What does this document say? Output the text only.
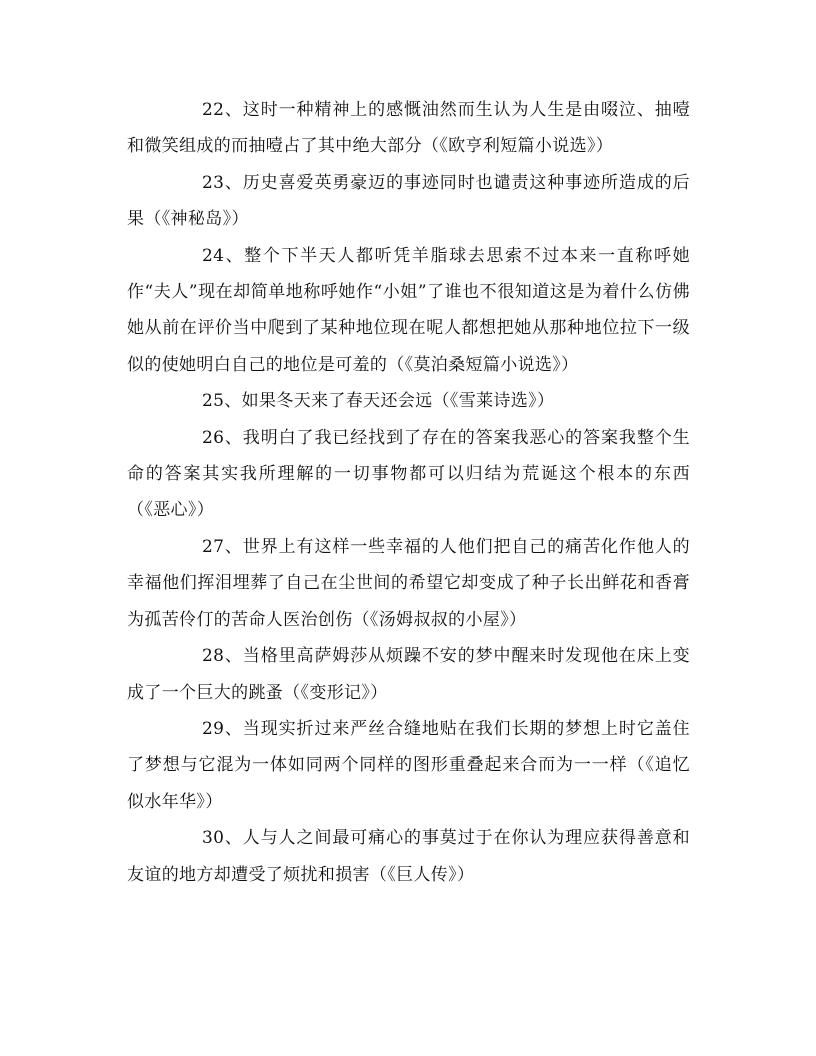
22、这时一种精神上的感慨油然而生认为人生是由啜泣、抽噎和微笑组成的而抽噎占了其中绝大部分（《欧亨利短篇小说选》）

23、历史喜爱英勇豪迈的事迹同时也谴责这种事迹所造成的后果（《神秘岛》）

24、整个下半天人都听凭羊脂球去思索不过本来一直称呼她作“夫人”现在却简单地称呼她作“小姐”了谁也不很知道这是为着什么仿佛她从前在评价当中爬到了某种地位现在呢人都想把她从那种地位拉下一级似的使她明白自己的地位是可羞的（《莫泊桑短篇小说选》）

25、如果冬天来了春天还会远（《雪莱诗选》）

26、我明白了我已经找到了存在的答案我恶心的答案我整个生命的答案其实我所理解的一切事物都可以归结为荒诞这个根本的东西（《恶心》）

27、世界上有这样一些幸福的人他们把自己的痛苦化作他人的幸福他们挥泪埋葬了自己在尘世间的希望它却变成了种子长出鲜花和香膏为孤苦伶仃的苦命人医治创伤（《汤姆叔叔的小屋》）

28、当格里高萨姆莎从烦躁不安的梦中醒来时发现他在床上变成了一个巨大的跳蚤（《变形记》）

29、当现实折过来严丝合缝地贴在我们长期的梦想上时它盖住了梦想与它混为一体如同两个同样的图形重叠起来合而为一一样（《追忆似水年华》）

30、人与人之间最可痛心的事莫过于在你认为理应获得善意和友谊的地方却遭受了烦扰和损害（《巨人传》）
